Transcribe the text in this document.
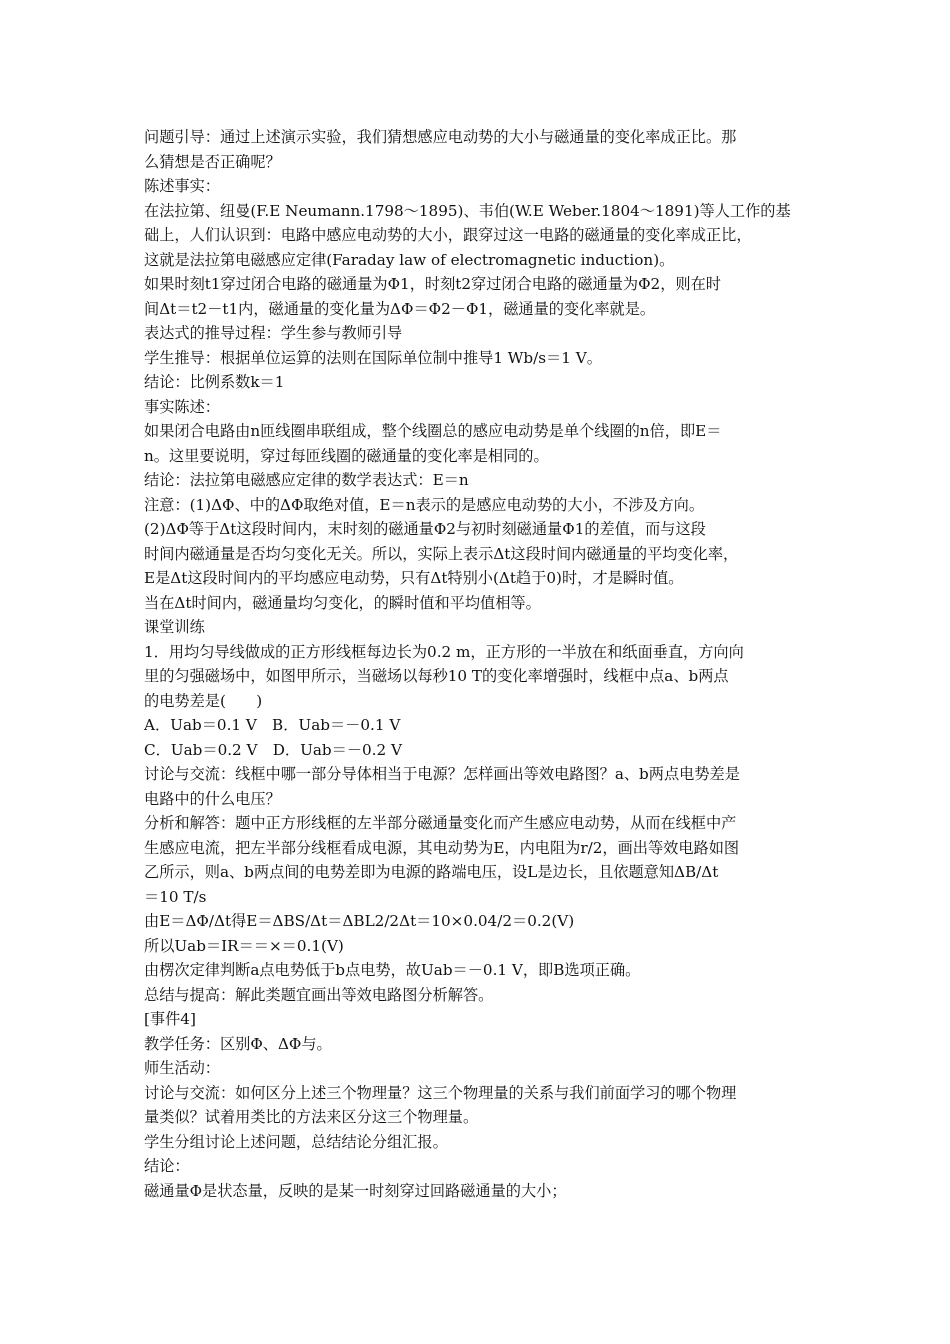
问题引导：通过上述演示实验，我们猜想感应电动势的大小与磁通量的变化率成正比。那
么猜想是否正确呢？
陈述事实：
在法拉第、纽曼(F.E Neumann.1798～1895)、韦伯(W.E Weber.1804～1891)等人工作的基
础上，人们认识到：电路中感应电动势的大小，跟穿过这一电路的磁通量的变化率成正比，
这就是法拉第电磁感应定律(Faraday law of electromagnetic induction)。
如果时刻t1穿过闭合电路的磁通量为Φ1，时刻t2穿过闭合电路的磁通量为Φ2，则在时
间Δt＝t2－t1内，磁通量的变化量为ΔΦ＝Φ2－Φ1，磁通量的变化率就是。
表达式的推导过程：学生参与教师引导
学生推导：根据单位运算的法则在国际单位制中推导1 Wb/s＝1 V。
结论：比例系数k＝1
事实陈述：
如果闭合电路由n匝线圈串联组成，整个线圈总的感应电动势是单个线圈的n倍，即E＝
n。这里要说明，穿过每匝线圈的磁通量的变化率是相同的。
结论：法拉第电磁感应定律的数学表达式：E＝n
注意：(1)ΔΦ、中的ΔΦ取绝对值，E＝n表示的是感应电动势的大小，不涉及方向。
(2)ΔΦ等于Δt这段时间内，末时刻的磁通量Φ2与初时刻磁通量Φ1的差值，而与这段
时间内磁通量是否均匀变化无关。所以，实际上表示Δt这段时间内磁通量的平均变化率，
E是Δt这段时间内的平均感应电动势，只有Δt特别小(Δt趋于0)时，才是瞬时值。
当在Δt时间内，磁通量均匀变化，的瞬时值和平均值相等。
课堂训练
1．用均匀导线做成的正方形线框每边长为0.2 m，正方形的一半放在和纸面垂直，方向向
里的匀强磁场中，如图甲所示，当磁场以每秒10 T的变化率增强时，线框中点a、b两点
的电势差是(　　)
A．Uab＝0.1 V　B．Uab＝－0.1 V
C．Uab＝0.2 V　D．Uab＝－0.2 V
讨论与交流：线框中哪一部分导体相当于电源？怎样画出等效电路图？a、b两点电势差是
电路中的什么电压？
分析和解答：题中正方形线框的左半部分磁通量变化而产生感应电动势，从而在线框中产
生感应电流，把左半部分线框看成电源，其电动势为E，内电阻为r/2，画出等效电路如图
乙所示，则a、b两点间的电势差即为电源的路端电压，设L是边长，且依题意知ΔB/Δt
＝10 T/s
由E＝ΔΦ/Δt得E＝ΔBS/Δt＝ΔBL2/2Δt＝10×0.04/2＝0.2(V)
所以Uab＝IR＝＝×＝0.1(V)
由楞次定律判断a点电势低于b点电势，故Uab＝－0.1 V，即B选项正确。
总结与提高：解此类题宜画出等效电路图分析解答。
[事件4]
教学任务：区别Φ、ΔΦ与。
师生活动：
讨论与交流：如何区分上述三个物理量？这三个物理量的关系与我们前面学习的哪个物理
量类似？试着用类比的方法来区分这三个物理量。
学生分组讨论上述问题，总结结论分组汇报。
结论：
磁通量Φ是状态量，反映的是某一时刻穿过回路磁通量的大小；
